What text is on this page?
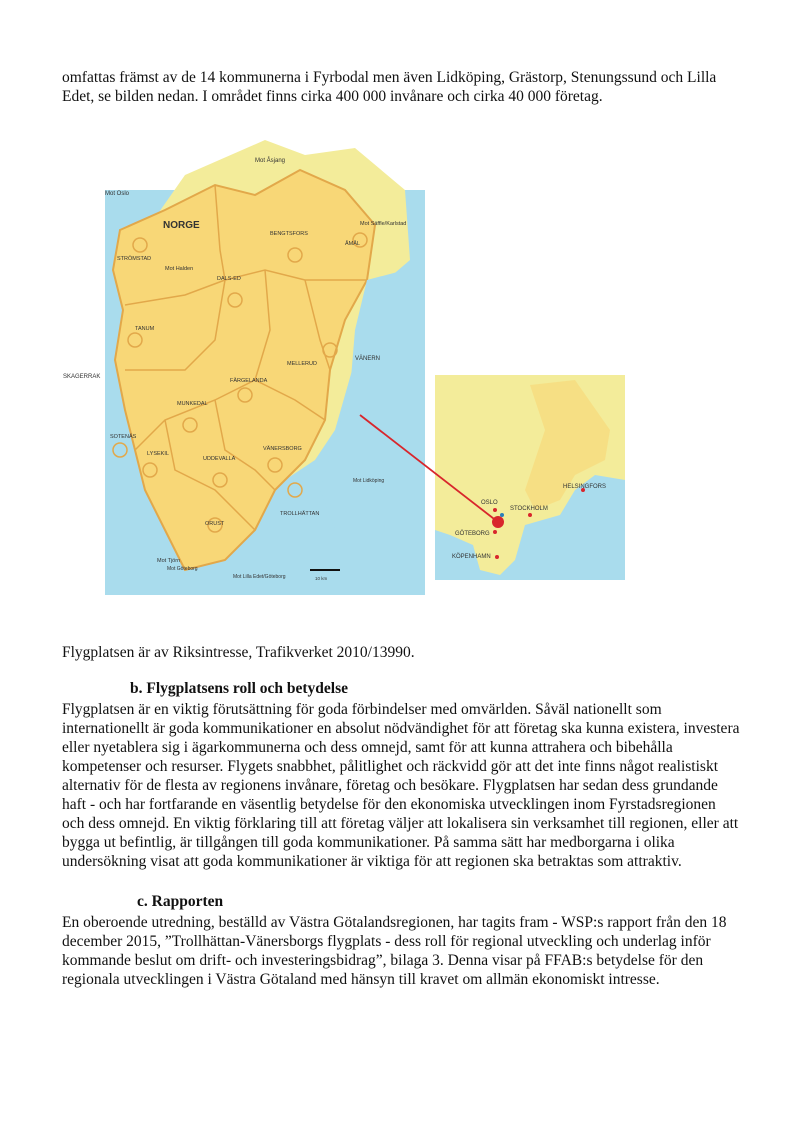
omfattas främst av de 14 kommunerna i Fyrbodal men även Lidköping, Grästorp, Stenungssund och Lilla Edet, se bilden nedan. I området finns cirka 400 000 invånare och cirka 40 000 företag.
Mot Åsjang
Mot Oslo
NORGE	Mot Säffle/Karlstad
BENGTSFORS
ÅMÅL
STRÖMSTAD
Mot Halden
DALS-ED
TANUM
VÄNERN
MELLERUD
SKAGERRAK
FÄRGELANDA
MUNKEDAL
SOTENÄS
LYSEKIL
UDDEVALLA
VÄNERSBORG
Mot Lidköping
TROLLHÄTTAN
ORUST
Mot Tjörn
Mot Göteborg
Mot Lilla Edet/Göteborg	10 km
HELSINGFORS
OSLO
STOCKHOLM
GÖTEBORG
KÖPENHAMN
Flygplatsen är av Riksintresse, Trafikverket 2010/13990.
b. Flygplatsens roll och betydelse
Flygplatsen är en viktig förutsättning för goda förbindelser med omvärlden. Såväl nationellt som internationellt är goda kommunikationer en absolut nödvändighet för att företag ska kunna existera, investera eller nyetablera sig i ägarkommunerna och dess omnejd, samt för att kunna attrahera och bibehålla kompetenser och resurser. Flygets snabbhet, pålitlighet och räckvidd gör att det inte finns något realistiskt alternativ för de flesta av regionens invånare, företag och besökare. Flygplatsen har sedan dess grundande haft - och har fortfarande en väsentlig betydelse för den ekonomiska utvecklingen inom Fyrstadsregionen och dess omnejd. En viktig förklaring till att företag väljer att lokalisera sin verksamhet till regionen, eller att bygga ut befintlig, är tillgången till goda kommunikationer. På samma sätt har medborgarna i olika undersökning visat att goda kommunikationer är viktiga för att regionen ska betraktas som attraktiv.
c. Rapporten
En oberoende utredning, beställd av Västra Götalandsregionen, har tagits fram - WSP:s rapport från den 18 december 2015, ”Trollhättan-Vänersborgs flygplats - dess roll för regional utveckling och underlag inför kommande beslut om drift- och investeringsbidrag”, bilaga 3. Denna visar på FFAB:s betydelse för den regionala utvecklingen i Västra Götaland med hänsyn till kravet om allmän ekonomiskt intresse.
